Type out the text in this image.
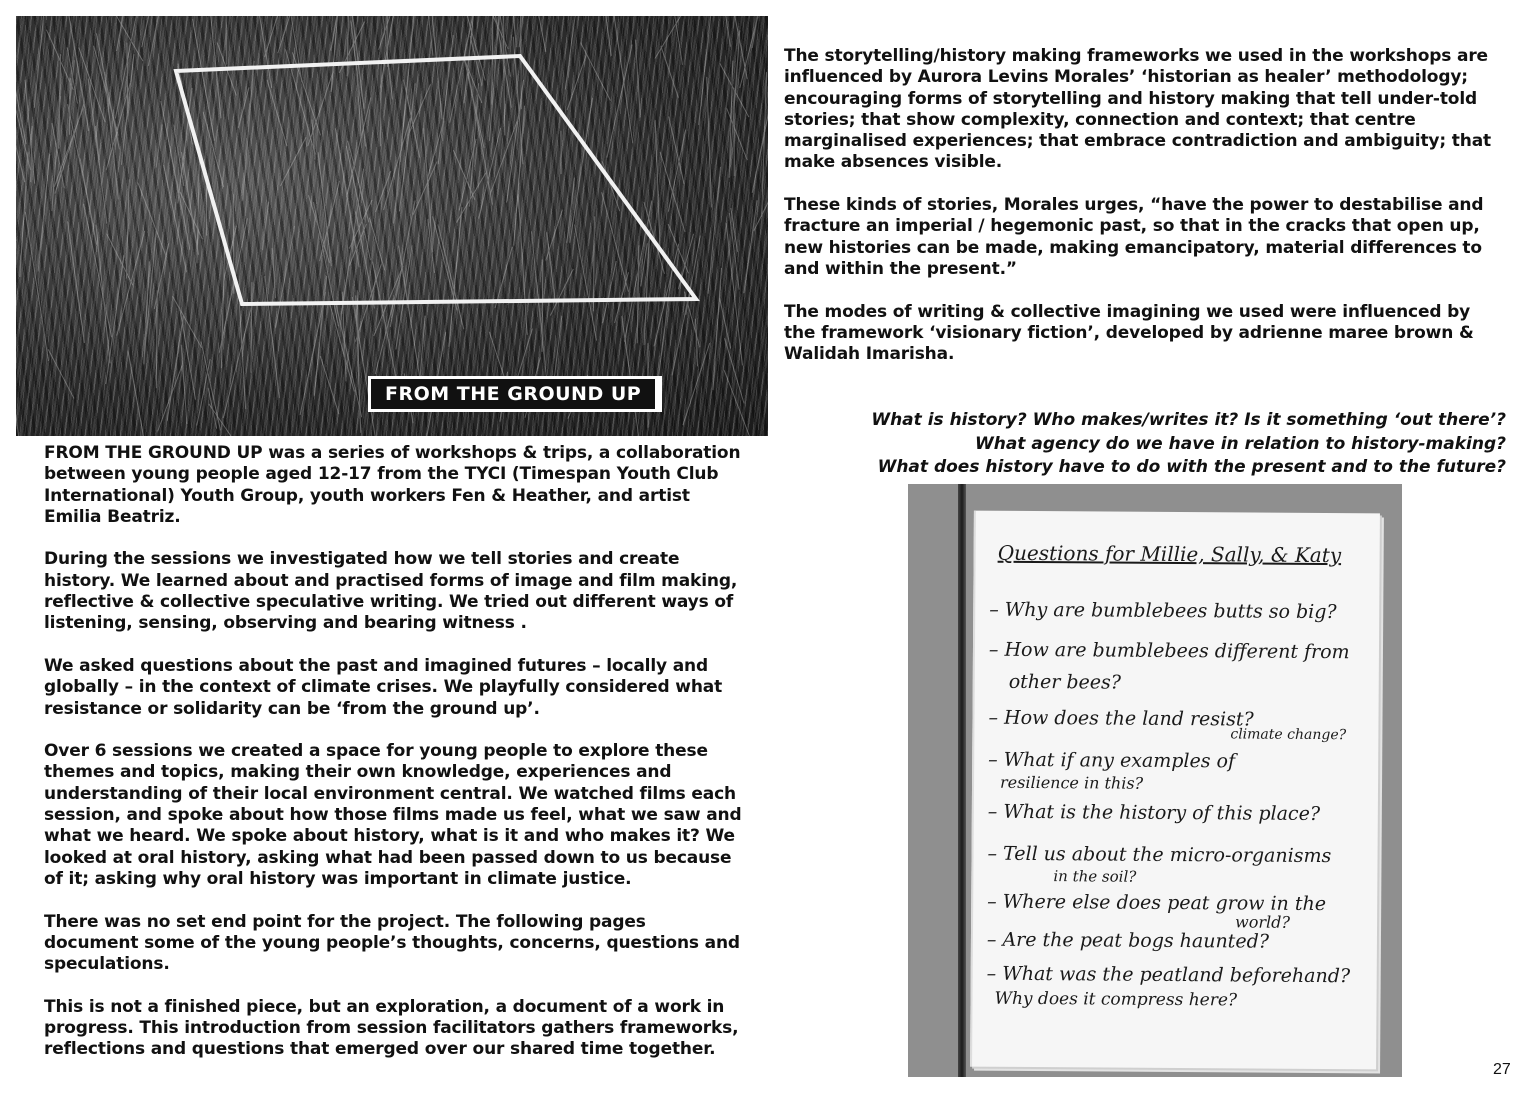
FROM THE GROUND UP

FROM THE GROUND UP was a series of workshops & trips, a collaboration between young people aged 12-17 from the TYCI (Timespan Youth Club International) Youth Group, youth workers Fen & Heather, and artist Emilia Beatriz.

During the sessions we investigated how we tell stories and create history. We learned about and practised forms of image and film making, reflective & collective speculative writing. We tried out different ways of listening, sensing, observing and bearing witness .

We asked questions about the past and imagined futures – locally and globally – in the context of climate crises. We playfully considered what resistance or solidarity can be ‘from the ground up’.

Over 6 sessions we created a space for young people to explore these themes and topics, making their own knowledge, experiences and understanding of their local environment central. We watched films each session, and spoke about how those films made us feel, what we saw and what we heard. We spoke about history, what is it and who makes it? We looked at oral history, asking what had been passed down to us because of it; asking why oral history was important in climate justice.

There was no set end point for the project. The following pages document some of the young people’s thoughts, concerns, questions and speculations.

This is not a finished piece, but an exploration, a document of a work in progress. This introduction from session facilitators gathers frameworks, reflections and questions that emerged over our shared time together.

The storytelling/history making frameworks we used in the workshops are influenced by Aurora Levins Morales’ ‘historian as healer’ methodology; encouraging forms of storytelling and history making that tell under-told stories; that show complexity, connection and context; that centre marginalised experiences; that embrace contradiction and ambiguity; that make absences visible.

These kinds of stories, Morales urges, “have the power to destabilise and fracture an imperial / hegemonic past, so that in the cracks that open up, new histories can be made, making emancipatory, material differences to and within the present.”

The modes of writing & collective imagining we used were influenced by the framework ‘visionary fiction’, developed by adrienne maree brown & Walidah Imarisha.

What is history? Who makes/writes it? Is it something ‘out there’?
What agency do we have in relation to history-making?
What does history have to do with the present and to the future?
Questions for Millie, Sally, & Katy
– Why are bumblebees butts so big?
– How are bumblebees different from
other bees?
– How does the land resist?
climate change?
– What if any examples of
resilience in this?
– What is the history of this place?
– Tell us about the micro-organisms
in the soil?
– Where else does peat grow in the
world?
– Are the peat bogs haunted?
– What was the peatland beforehand?
Why does it compress here?
27
